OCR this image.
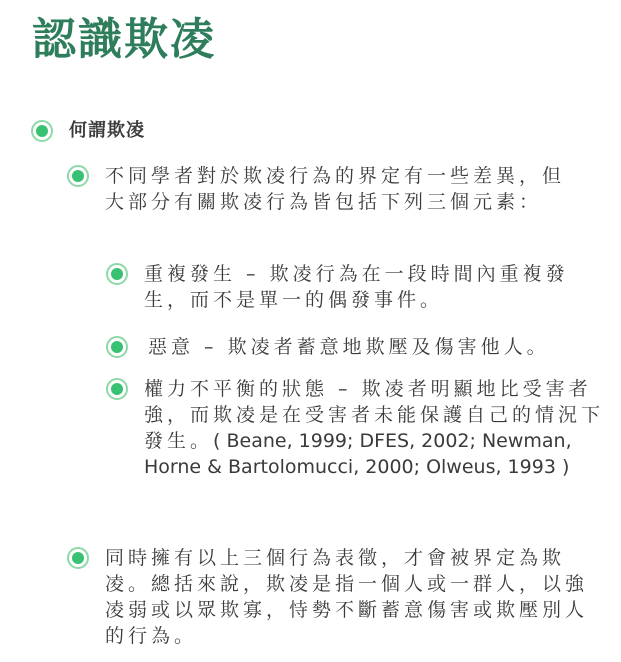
認識欺凌
何謂欺凌
不同學者對於欺凌行為的界定有一些差異，但大部分有關欺凌行為皆包括下列三個元素：
重複發生 – 欺凌行為在一段時間內重複發生，而不是單一的偶發事件。
惡意 – 欺凌者蓄意地欺壓及傷害他人。
權力不平衡的狀態 – 欺凌者明顯地比受害者強，而欺凌是在受害者未能保護自己的情況下發生。( Beane, 1999; DFES, 2002; Newman, Horne & Bartolomucci, 2000; Olweus, 1993 )
同時擁有以上三個行為表徵，才會被界定為欺凌。總括來說，欺凌是指一個人或一群人，以強凌弱或以眾欺寡，恃勢不斷蓄意傷害或欺壓別人的行為。
